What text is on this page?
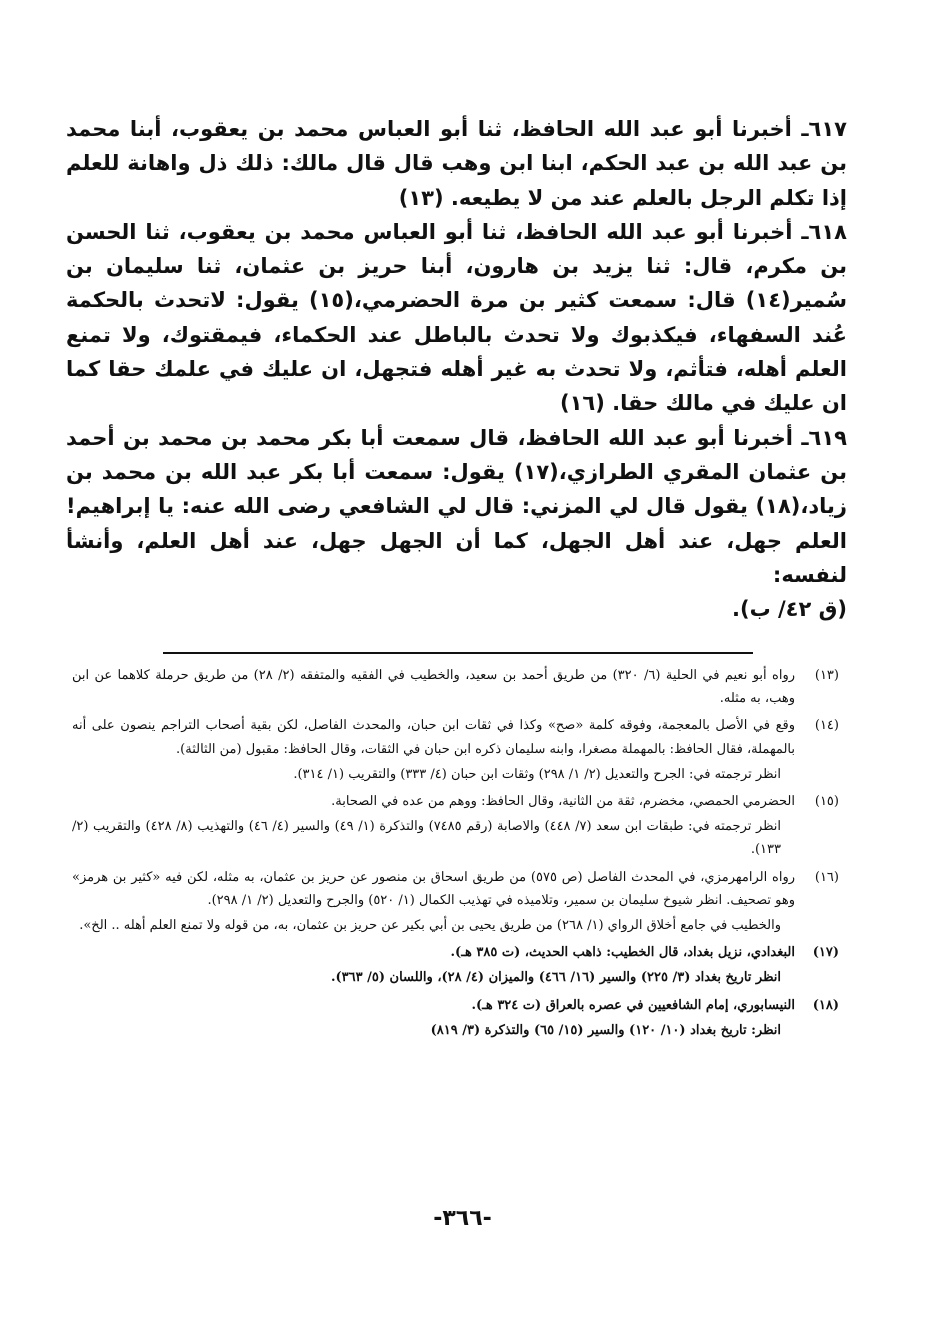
٦١٧ـ أخبرنا أبو عبد الله الحافظ، ثنا أبو العباس محمد بن يعقوب، أبنا محمد بن عبد الله بن عبد الحكم، ابنا ابن وهب قال قال مالك: ذلك ذل واهانة للعلم إذا تكلم الرجل بالعلم عند من لا يطيعه. (١٣)

٦١٨ـ أخبرنا أبو عبد الله الحافظ، ثنا أبو العباس محمد بن يعقوب، ثنا الحسن بن مكرم، قال: ثنا يزيد بن هارون، أبنا حريز بن عثمان، ثنا سليمان بن سُمير(١٤) قال: سمعت كثير بن مرة الحضرمي،(١٥) يقول: لاتحدث بالحكمة عُند السفهاء، فيكذبوك ولا تحدث بالباطل عند الحكماء، فيمقتوك، ولا تمنع العلم أهله، فتأثم، ولا تحدث به غير أهله فتجهل، ان عليك في علمك حقا كما ان عليك في مالك حقا. (١٦)

٦١٩ـ أخبرنا أبو عبد الله الحافظ، قال سمعت أبا بكر محمد بن محمد بن أحمد بن عثمان المقري الطرازي،(١٧) يقول: سمعت أبا بكر عبد الله بن محمد بن زياد،(١٨) يقول قال لي المزني: قال لي الشافعي رضى الله عنه: يا إبراهيم! العلم جهل، عند أهل الجهل، كما أن الجهل جهل، عند أهل العلم، وأنشأ لنفسه:

(ق ٤٢/ ب).

(١٣)
رواه أبو نعيم في الحلية (٦/ ٣٢٠) من طريق أحمد بن سعيد، والخطيب في الفقيه والمتفقه (٢/ ٢٨) من طريق حرملة كلاهما عن ابن وهب، به مثله.
(١٤)
وقع في الأصل بالمعجمة، وفوقه كلمة «صح» وكذا في ثقات ابن حبان، والمحدث الفاصل، لكن بقية أصحاب التراجم ينصون على أنه بالمهملة، فقال الحافظ: بالمهملة مصغرا، وابنه سليمان ذكره ابن حبان في الثقات، وقال الحافظ: مقبول (من الثالثة).
انظر ترجمته في: الجرح والتعديل (٢/ ١/ ٢٩٨) وثقات ابن حبان (٤/ ٣٣٣) والتقريب (١/ ٣١٤).
(١٥)
الحضرمي الحمصي، مخضرم، ثقة من الثانية، وقال الحافظ: ووهم من عده في الصحابة.
انظر ترجمته في: طبقات ابن سعد (٧/ ٤٤٨) والاصابة (رقم ٧٤٨٥) والتذكرة (١/ ٤٩) والسير (٤/ ٤٦) والتهذيب (٨/ ٤٢٨) والتقريب (٢/ ١٣٣).
(١٦)
رواه الرامهرمزي، في المحدث الفاصل (ص ٥٧٥) من طريق اسحاق بن منصور عن حريز بن عثمان، به مثله، لكن فيه «كثير بن هرمز» وهو تصحيف. انظر شيوخ سليمان بن سمير، وتلاميذه في تهذيب الكمال (١/ ٥٢٠) والجرح والتعديل (٢/ ١/ ٢٩٨).
والخطيب في جامع أخلاق الرواي (١/ ٢٦٨) من طريق يحيى بن أبي بكير عن حريز بن عثمان، به، من قوله ولا تمنع العلم أهله .. الخ».
(١٧)
البغدادي، نزيل بغداد، قال الخطيب: ذاهب الحديث، (ت ٣٨٥ هـ).
انظر تاريخ بغداد (٣/ ٢٢٥) والسير (١٦/ ٤٦٦) والميزان (٤/ ٢٨)، واللسان (٥/ ٣٦٣).
(١٨)
النيسابوري، إمام الشافعيين في عصره بالعراق (ت ٣٢٤ هـ).
انظر: تاريخ بغداد (١٠/ ١٢٠) والسير (١٥/ ٦٥) والتذكرة (٣/ ٨١٩)
-٣٦٦-
